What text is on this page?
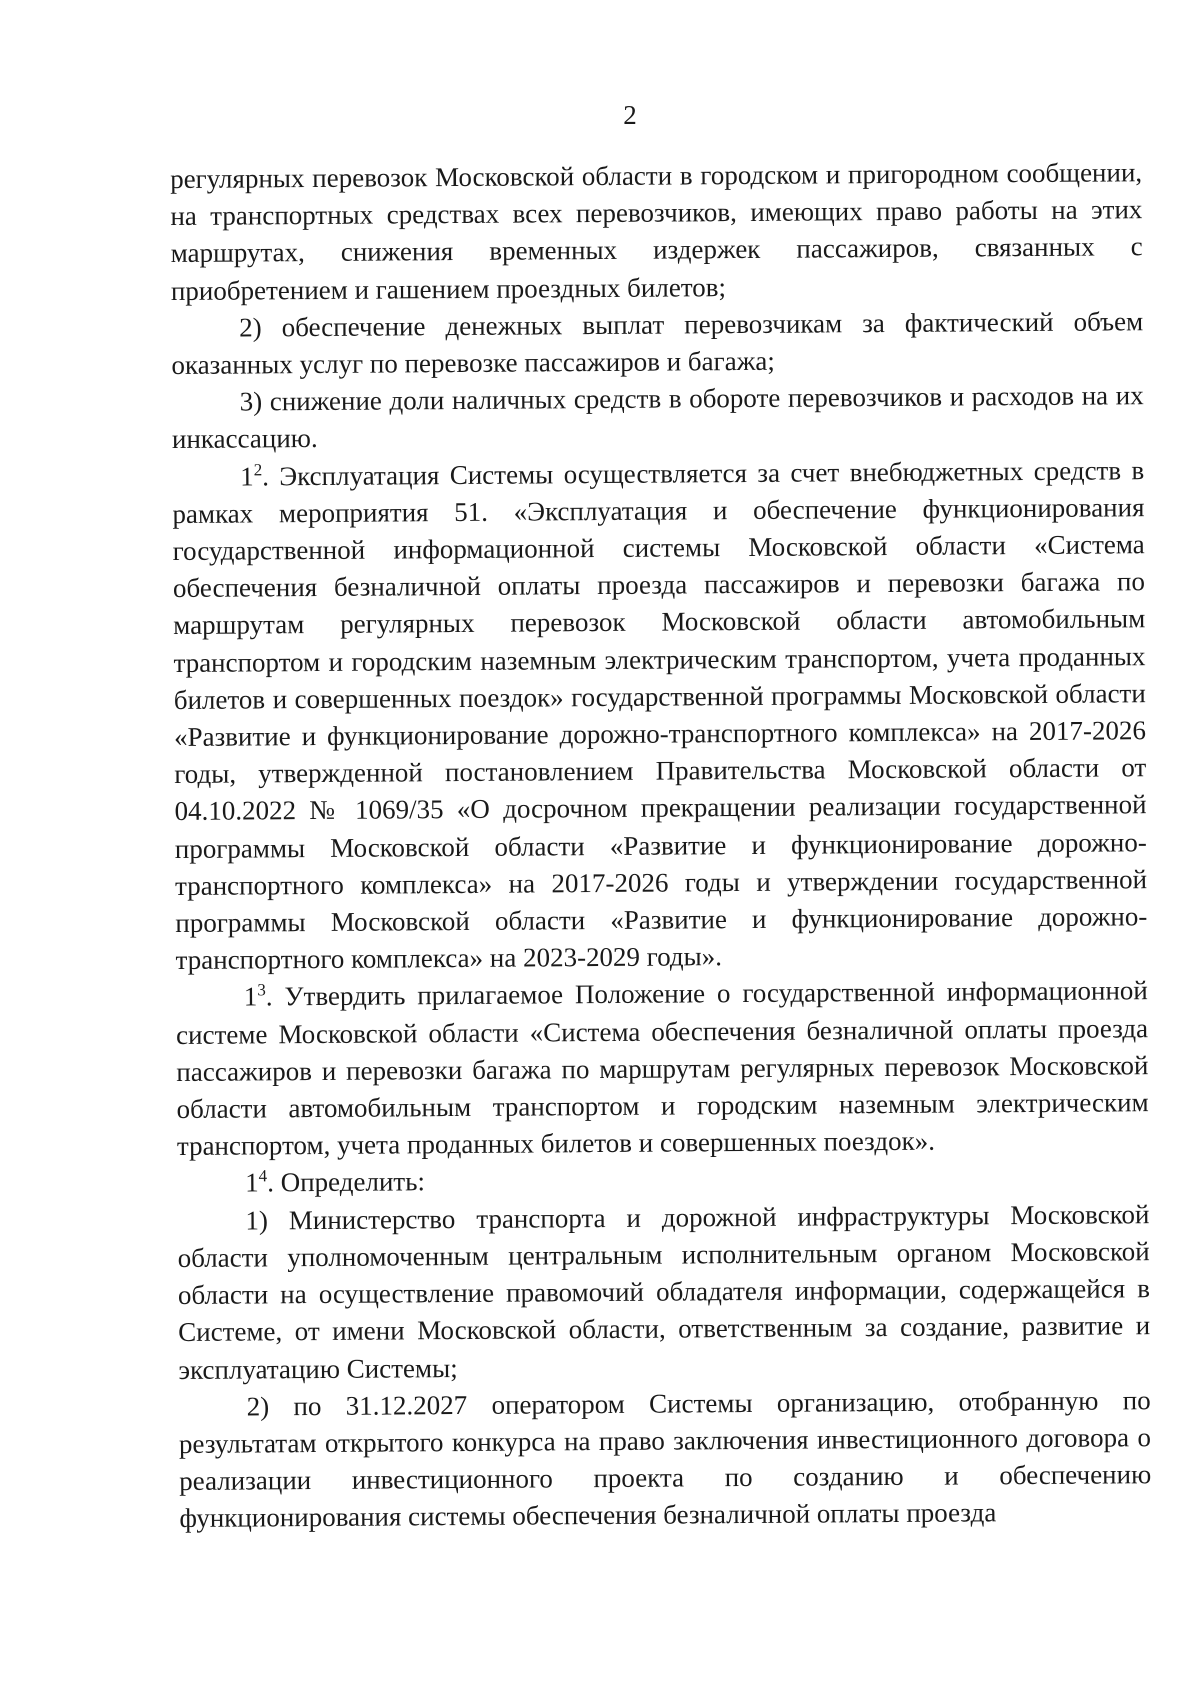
2

регулярных перевозок Московской области в городском и пригородном сообщении, на транспортных средствах всех перевозчиков, имеющих право работы на этих маршрутах, снижения временных издержек пассажиров, связанных с приобретением и гашением проездных билетов;

2) обеспечение денежных выплат перевозчикам за фактический объем оказанных услуг по перевозке пассажиров и багажа;

3) снижение доли наличных средств в обороте перевозчиков и расходов на их инкассацию.

$1^2$. Эксплуатация Системы осуществляется за счет внебюджетных средств в рамках мероприятия 51. «Эксплуатация и обеспечение функционирования государственной информационной системы Московской области «Система обеспечения безналичной оплаты проезда пассажиров и перевозки багажа по маршрутам регулярных перевозок Московской области автомобильным транспортом и городским наземным электрическим транспортом, учета проданных билетов и совершенных поездок» государственной программы Московской области «Развитие и функционирование дорожно-транспортного комплекса» на 2017-2026 годы, утвержденной постановлением Правительства Московской области от 04.10.2022 № 1069/35 «О досрочном прекращении реализации государственной программы Московской области «Развитие и функционирование дорожно-транспортного комплекса» на 2017-2026 годы и утверждении государственной программы Московской области «Развитие и функционирование дорожно-транспортного комплекса» на 2023-2029 годы».

$1^3$. Утвердить прилагаемое Положение о государственной информационной системе Московской области «Система обеспечения безналичной оплаты проезда пассажиров и перевозки багажа по маршрутам регулярных перевозок Московской области автомобильным транспортом и городским наземным электрическим транспортом, учета проданных билетов и совершенных поездок».

$1^4$. Определить:

1) Министерство транспорта и дорожной инфраструктуры Московской области уполномоченным центральным исполнительным органом Московской области на осуществление правомочий обладателя информации, содержащейся в Системе, от имени Московской области, ответственным за создание, развитие и эксплуатацию Системы;

2) по 31.12.2027 оператором Системы организацию, отобранную по результатам открытого конкурса на право заключения инвестиционного договора о реализации инвестиционного проекта по созданию и обеспечению функционирования системы обеспечения безналичной оплаты проезда
